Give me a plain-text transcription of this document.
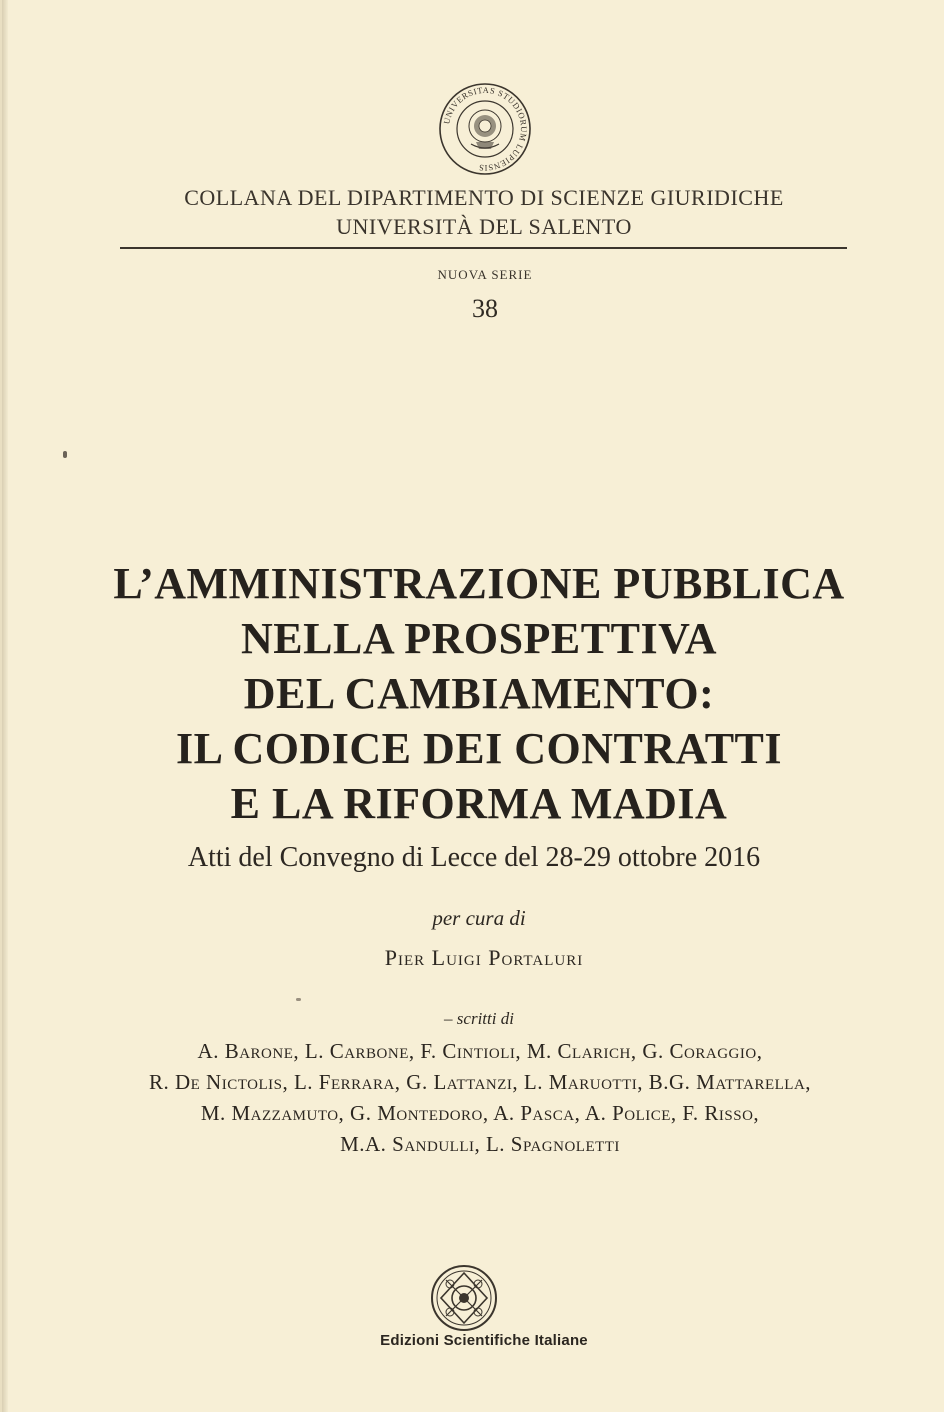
UNIVERSITAS STUDIORUM LUPIENSIS
COLLANA DEL DIPARTIMENTO DI SCIENZE GIURIDICHE
UNIVERSITÀ DEL SALENTO
NUOVA SERIE
38
L’AMMINISTRAZIONE PUBBLICA
NELLA PROSPETTIVA
DEL CAMBIAMENTO:
IL CODICE DEI CONTRATTI
E LA RIFORMA MADIA
Atti del Convegno di Lecce del 28-29 ottobre 2016
per cura di
Pier Luigi Portaluri
– scritti di
A. Barone, L. Carbone, F. Cintioli, M. Clarich, G. Coraggio,
R. De Nictolis, L. Ferrara, G. Lattanzi, L. Maruotti, B.G. Mattarella,
M. Mazzamuto, G. Montedoro, A. Pasca, A. Police, F. Risso,
M.A. Sandulli, L. Spagnoletti
Edizioni Scientifiche Italiane
